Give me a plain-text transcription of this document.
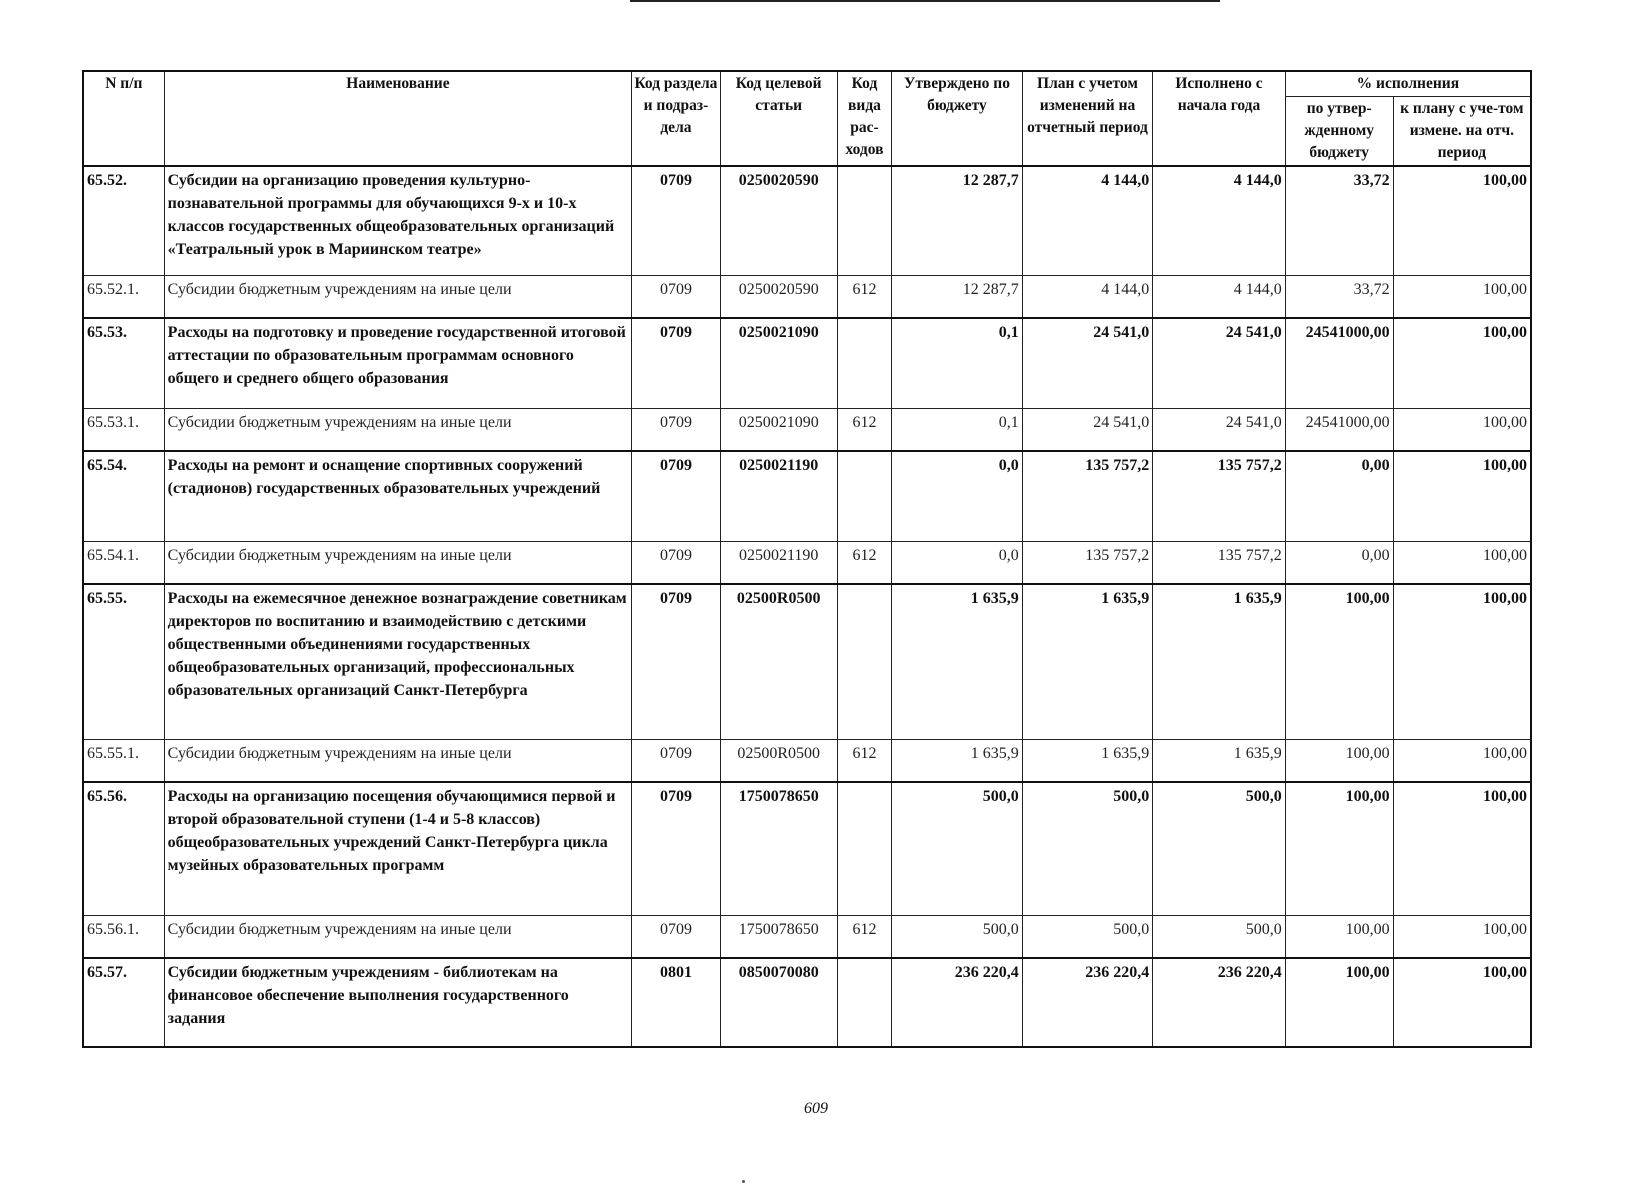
N п/п	Наименование	Код раздела и подраз-дела	Код целевой статьи	Код вида рас-ходов	Утверждено по бюджету	План с учетом изменений на отчетный период	Исполнено с начала года	% исполнения	
								по утвер-жденному бюджету	к плану с уче-том измене. на отч. период
65.52.	Субсидии на организацию проведения культурно-познавательной программы для обучающихся 9-х и 10-х классов государственных общеобразовательных организаций «Театральный урок в Мариинском театре»	0709	0250020590		12 287,7	4 144,0	4 144,0	33,72	100,00
65.52.1.	Субсидии бюджетным учреждениям на иные цели	0709	0250020590	612	12 287,7	4 144,0	4 144,0	33,72	100,00
65.53.	Расходы на подготовку и проведение государственной итоговой аттестации по образовательным программам основного общего и среднего общего образования	0709	0250021090		0,1	24 541,0	24 541,0	24541000,00	100,00
65.53.1.	Субсидии бюджетным учреждениям на иные цели	0709	0250021090	612	0,1	24 541,0	24 541,0	24541000,00	100,00
65.54.	Расходы на ремонт и оснащение спортивных сооружений (стадионов) государственных образовательных учреждений	0709	0250021190		0,0	135 757,2	135 757,2	0,00	100,00
65.54.1.	Субсидии бюджетным учреждениям на иные цели	0709	0250021190	612	0,0	135 757,2	135 757,2	0,00	100,00
65.55.	Расходы на ежемесячное денежное вознаграждение советникам директоров по воспитанию и взаимодействию с детскими общественными объединениями государственных общеобразовательных организаций, профессиональных образовательных организаций Санкт-Петербурга	0709	02500R0500		1 635,9	1 635,9	1 635,9	100,00	100,00
65.55.1.	Субсидии бюджетным учреждениям на иные цели	0709	02500R0500	612	1 635,9	1 635,9	1 635,9	100,00	100,00
65.56.	Расходы на организацию посещения обучающимися первой и второй образовательной ступени (1-4 и 5-8 классов) общеобразовательных учреждений Санкт-Петербурга цикла музейных образовательных программ	0709	1750078650		500,0	500,0	500,0	100,00	100,00
65.56.1.	Субсидии бюджетным учреждениям на иные цели	0709	1750078650	612	500,0	500,0	500,0	100,00	100,00
65.57.	Субсидии бюджетным учреждениям - библиотекам на финансовое обеспечение выполнения государственного задания	0801	0850070080		236 220,4	236 220,4	236 220,4	100,00	100,00
609
